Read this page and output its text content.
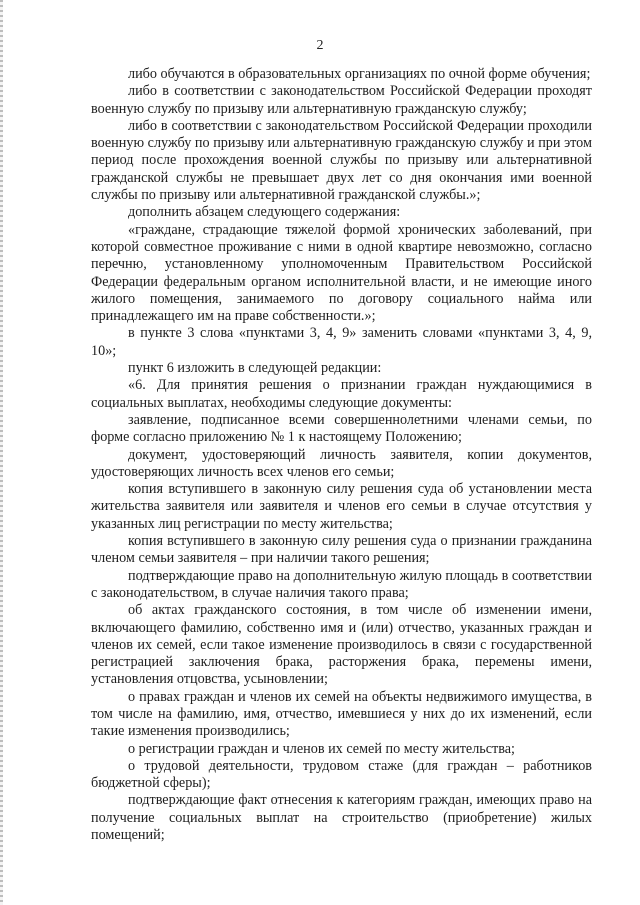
2

либо обучаются в образовательных организациях по очной форме обучения;

либо в соответствии с законодательством Российской Федерации проходят военную службу по призыву или альтернативную гражданскую службу;

либо в соответствии с законодательством Российской Федерации проходили военную службу по призыву или альтернативную гражданскую службу и при этом период после прохождения военной службы по призыву или альтернативной гражданской службы не превышает двух лет со дня окончания ими военной службы по призыву или альтернативной гражданской службы.»;

дополнить абзацем следующего содержания:

«граждане, страдающие тяжелой формой хронических заболеваний, при которой совместное проживание с ними в одной квартире невозможно, согласно перечню, установленному уполномоченным Правительством Российской Федерации федеральным органом исполнительной власти, и не имеющие иного жилого помещения, занимаемого по договору социального найма или принадлежащего им на праве собственности.»;

в пункте 3 слова «пунктами 3, 4, 9» заменить словами «пунктами 3, 4, 9, 10»;

пункт 6 изложить в следующей редакции:

«6. Для принятия решения о признании граждан нуждающимися в социальных выплатах, необходимы следующие документы:

заявление, подписанное всеми совершеннолетними членами семьи, по форме согласно приложению № 1 к настоящему Положению;

документ, удостоверяющий личность заявителя, копии документов, удостоверяющих личность всех членов его семьи;

копия вступившего в законную силу решения суда об установлении места жительства заявителя или заявителя и членов его семьи в случае отсутствия у указанных лиц регистрации по месту жительства;

копия вступившего в законную силу решения суда о признании гражданина членом семьи заявителя – при наличии такого решения;

подтверждающие право на дополнительную жилую площадь в соответствии с законодательством, в случае наличия такого права;

об актах гражданского состояния, в том числе об изменении имени, включающего фамилию, собственно имя и (или) отчество, указанных граждан и членов их семей, если такое изменение производилось в связи с государственной регистрацией заключения брака, расторжения брака, перемены имени, установления отцовства, усыновлении;

о правах граждан и членов их семей на объекты недвижимого имущества, в том числе на фамилию, имя, отчество, имевшиеся у них до их изменений, если такие изменения производились;

о регистрации граждан и членов их семей по месту жительства;

о трудовой деятельности, трудовом стаже (для граждан – работников бюджетной сферы);

подтверждающие факт отнесения к категориям граждан, имеющих право на получение социальных выплат на строительство (приобретение) жилых помещений;
